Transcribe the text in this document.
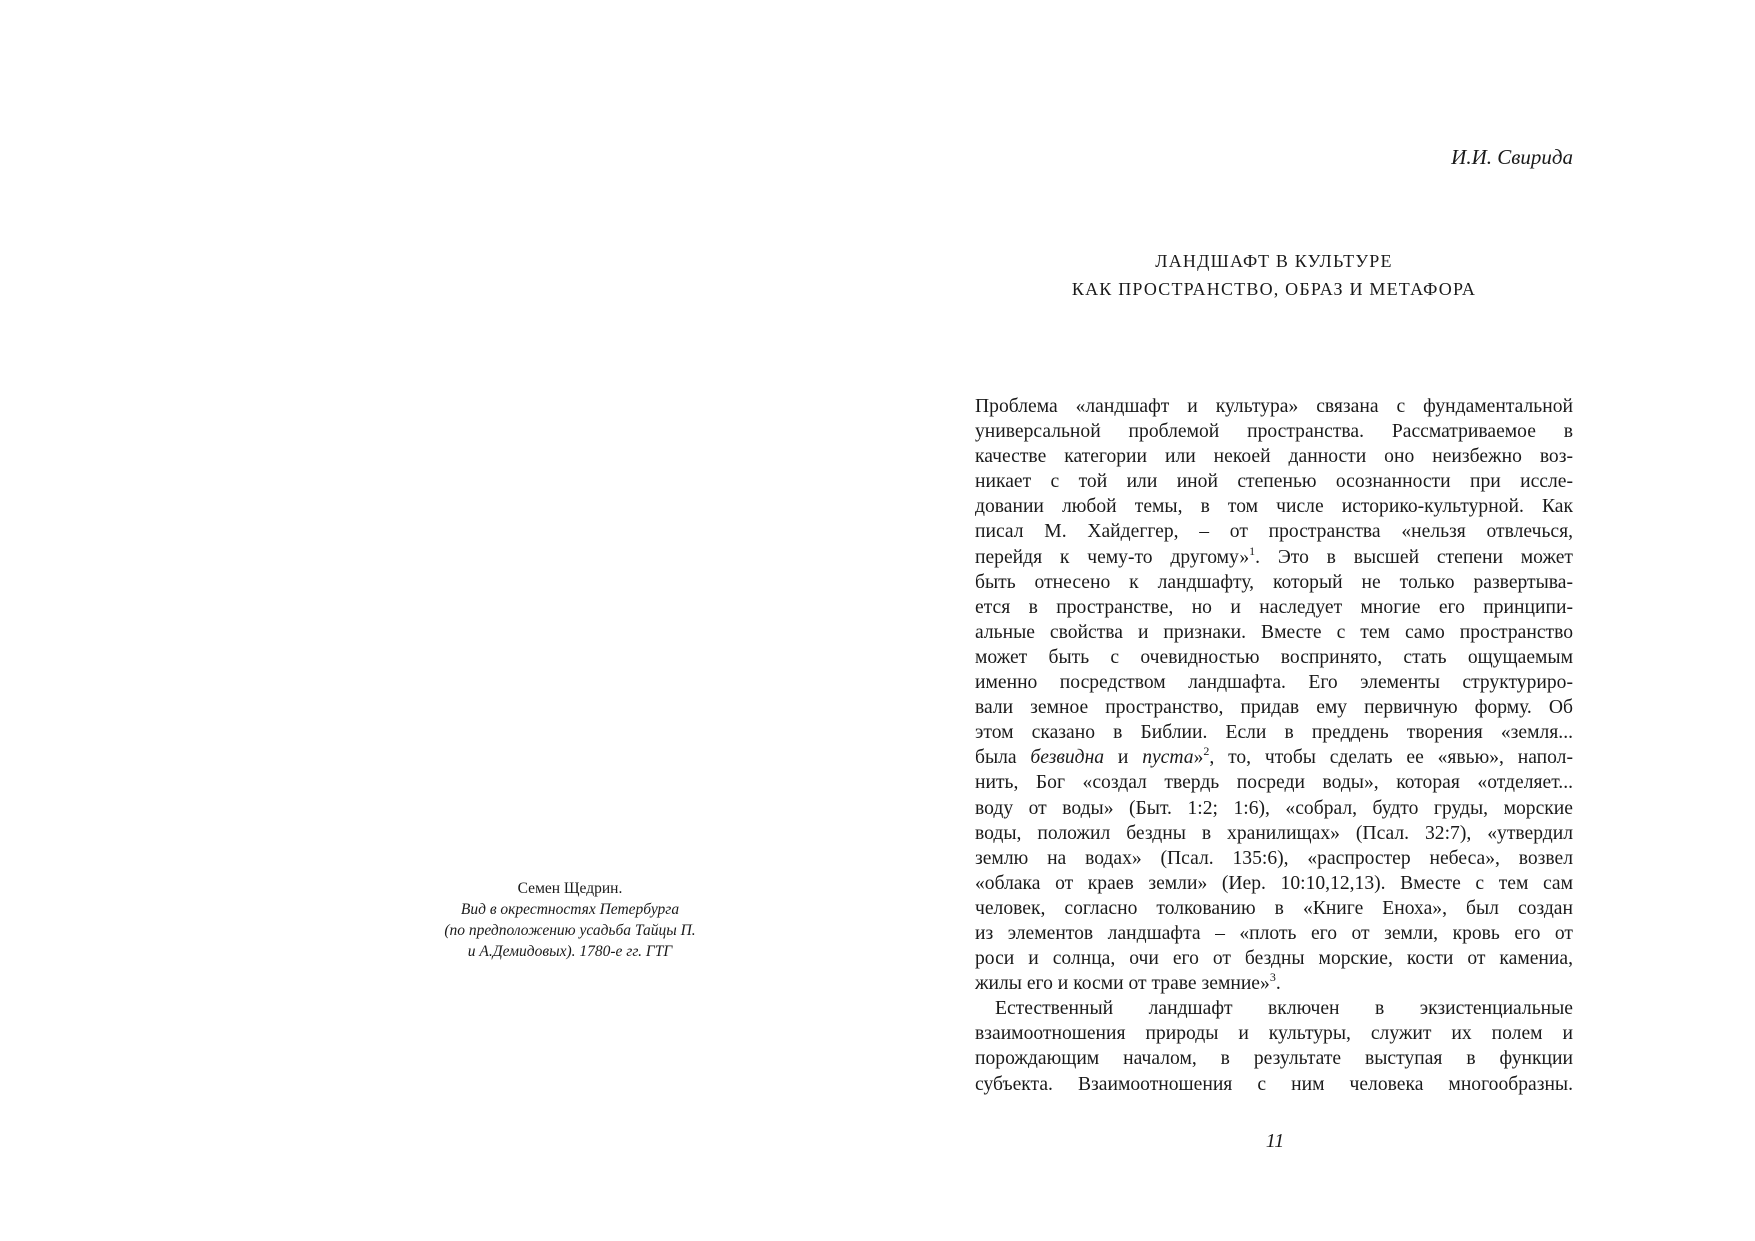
Семен Щедрин.
Вид в окрестностях Петербурга
(по предположению усадьба Тайцы П.
и А.Демидовых). 1780-е гг. ГТГ
И.И. Свирида
ЛАНДШАФТ В КУЛЬТУРЕ
КАК ПРОСТРАНСТВО, ОБРАЗ И МЕТАФОРА

Проблема «ландшафт и культура» связана с фундаментальной
универсальной проблемой пространства. Рассматриваемое в
качестве категории или некоей данности оно неизбежно воз-
никает с той или иной степенью осознанности при иссле-
довании любой темы, в том числе историко-культурной. Как
писал М. Хайдеггер, – от пространства «нельзя отвлечься,
перейдя к чему-то другому»$^1$. Это в высшей степени может
быть отнесено к ландшафту, который не только развертыва-
ется в пространстве, но и наследует многие его принципи-
альные свойства и признаки. Вместе с тем само пространство
может быть с очевидностью воспринято, стать ощущаемым
именно посредством ландшафта. Его элементы структуриро-
вали земное пространство, придав ему первичную форму. Об
этом сказано в Библии. Если в преддень творения «земля...
была безвидна и пуста»$^2$, то, чтобы сделать ее «явью», напол-
нить, Бог «создал твердь посреди воды», которая «отделяет...
воду от воды» (Быт. 1:2; 1:6), «собрал, будто груды, морские
воды, положил бездны в хранилищах» (Псал. 32:7), «утвердил
землю на водах» (Псал. 135:6), «распростер небеса», возвел
«облака от краев земли» (Иер. 10:10,12,13). Вместе с тем сам
человек, согласно толкованию в «Книге Еноха», был создан
из элементов ландшафта – «плоть его от земли, кровь его от
роси и солнца, очи его от бездны морские, кости от камениа,
жилы его и косми от траве земние»$^3$.

Естественный ландшафт включен в экзистенциальные
взаимоотношения природы и культуры, служит их полем и
порождающим началом, в результате выступая в функции
субъекта. Взаимоотношения с ним человека многообразны.

11
